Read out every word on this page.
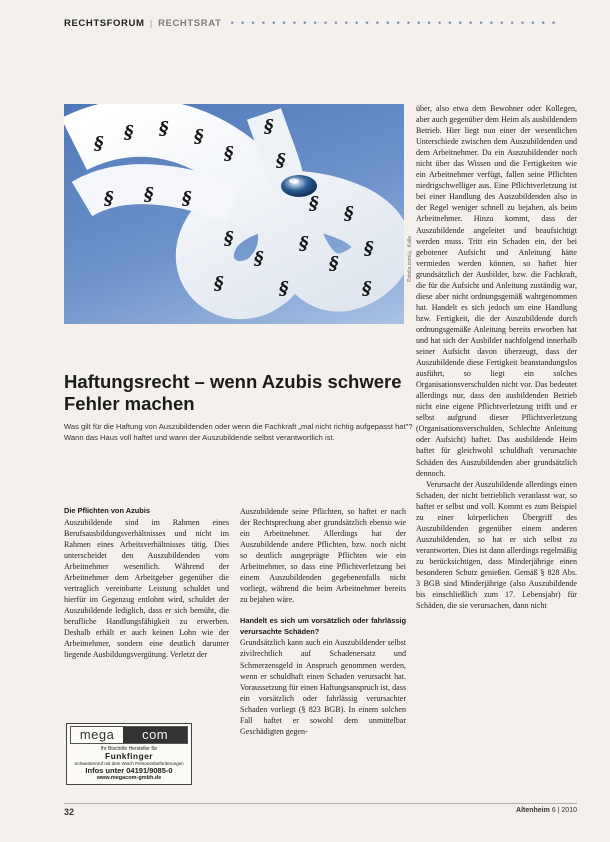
RECHTSFORUM | RECHTSRAT • • • • • • • • • • • • • • • • • • • • • • • • • • • • • • • •
§
§ § §
§
§ § §
§
§
§ §
§
§
§
§
§
§
§
§
Fotolia.com/© Kalle
Haftungsrecht – wenn Azubis schwere Fehler machen

Was gilt für die Haftung von Auszubildenden oder wenn die Fachkraft „mal nicht richtig aufgepasst hat"? Wann das Haus voll haftet und wann der Auszubildende selbst verantwortlich ist.

Die Pflichten von Azubis

Auszubildende sind im Rahmen eines Berufsausbildungsverhältnisses und nicht im Rahmen eines Arbeitsverhältnisses tätig. Dies unterscheidet den Auszubildenden vom Arbeitnehmer wesentlich. Während der Arbeitnehmer dem Arbeitgeber gegenüber die vertraglich vereinbarte Leistung schuldet und hierfür im Gegenzug entlohnt wird, schuldet der Auszubildende lediglich, dass er sich bemüht, die berufliche Handlungsfähigkeit zu erwerben. Deshalb erhält er auch keinen Lohn wie der Arbeitnehmer, sondern eine deutlich darunter liegende Ausbildungsvergütung. Verletzt der

Auszubildende seine Pflichten, so haftet er nach der Rechtsprechung aber grundsätzlich ebenso wie ein Arbeitnehmer. Allerdings hat der Auszubildende andere Pflichten, bzw. noch nicht so deutlich ausgeprägte Pflichten wie ein Arbeitnehmer, so dass eine Pflichtverletzung bei einem Auszubildenden gegebenenfalls nicht vorliegt, während die beim Arbeitnehmer bereits zu bejahen wäre.

Handelt es sich um vorsätzlich oder fahrlässig verursachte Schäden?

Grundsätzlich kann auch ein Auszubildender selbst zivilrechtlich auf Schadenersatz und Schmerzensgeld in Anspruch genommen werden, wenn er schuldhaft einen Schaden verursacht hat. Voraussetzung für einen Haftungsanspruch ist, dass ein vorsätzlich oder fahrlässig verursachter Schaden vorliegt (§ 823 BGB). In einem solchen Fall haftet er sowohl dem unmittelbar Geschädigten gegen-

über, also etwa dem Bewohner oder Kollegen, aber auch gegenüber dem Heim als ausbildendem Betrieb. Hier liegt nun einer der wesentlichen Unterschiede zwischen dem Auszubildenden und dem Arbeitnehmer. Da ein Auszubildender noch nicht über das Wissen und die Fertigkeiten wie ein Arbeitnehmer verfügt, fallen seine Pflichten niedrigschwelliger aus. Eine Pflichtverletzung ist bei einer Handlung des Auszubildenden also in der Regel weniger schnell zu bejahen, als beim Arbeitnehmer. Hinzu kommt, dass der Auszubildende angeleitet und beaufsichtigt werden muss. Tritt ein Schaden ein, der bei gebotener Aufsicht und Anleitung hätte vermieden werden können, so haftet hier grundsätzlich der Ausbilder, bzw. die Fachkraft, die für die Aufsicht und Anleitung zuständig war, diese aber nicht ordnungsgemäß wahrgenommen hat. Handelt es sich jedoch um eine Handlung bzw. Fertigkeit, die der Auszubildende durch ordnungsgemäße Anleitung bereits erworben hat und hat sich der Ausbilder nachfolgend innerhalb seiner Aufsicht davon überzeugt, dass der Auszubildende diese Fertigkeit beanstandungslos ausführt, so liegt ein solches Organisationsverschulden nicht vor. Das bedeutet allerdings nur, dass den ausbildenden Betrieb nicht eine eigene Pflichtverletzung trifft und er selbst aufgrund dieser Pflichtverletzung (Organisationsverschulden, Schlechte Anleitung oder Aufsicht) haftet. Das ausbildende Heim haftet für gleichwohl schuldhaft verursachte Schäden des Auszubildenden aber grundsätzlich dennoch.

Verursacht der Auszubildende allerdings einen Schaden, der nicht betrieblich veranlasst war, so haftet er selbst und voll. Kommt es zum Beispiel zu einer körperlichen Übergriff des Auszubildenden gegenüber einem anderen Auszubildenden, so hat er sich selbst zu verantworten. Dies ist dann allerdings regelmäßig zu berücksichtigen, dass Minderjährige einen besonderen Schutz genießen. Gemäß § 828 Abs. 3 BGB sind Minderjährige (also Auszubildende bis einschließlich zum 17. Lebensjahr) für Schäden, die sie verursachen, dann nicht

mega	com
Ihr Bischöfe Hersteller für
Funkfinger
Schwesternruf mit dem Wisch Personenbeförderungen
Infos unter 04191/9085-0
www.megacom-gmbh.de
32	Altenheim 6 | 2010
